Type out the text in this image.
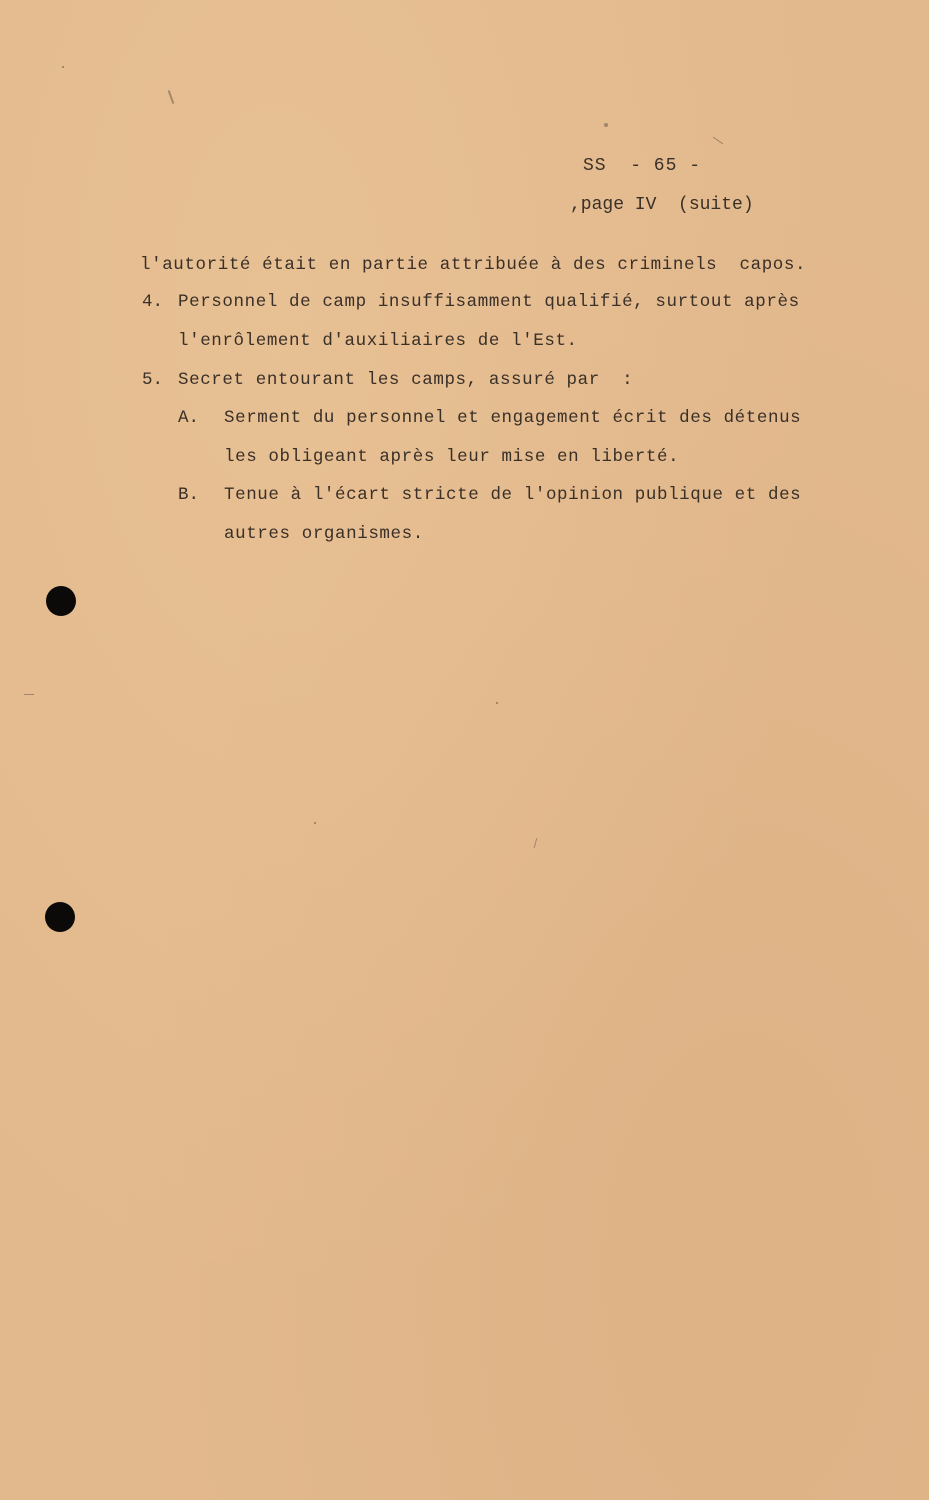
SS  - 65 -
,page IV  (suite)
l'autorité était en partie attribuée à des criminels  capos.
4. Personnel de camp insuffisamment qualifié, surtout après
l'enrôlement d'auxiliaires de l'Est.
5. Secret entourant les camps, assuré par  :
A. Serment du personnel et engagement écrit des détenus
les obligeant après leur mise en liberté.
B. Tenue à l'écart stricte de l'opinion publique et des
autres organismes.
